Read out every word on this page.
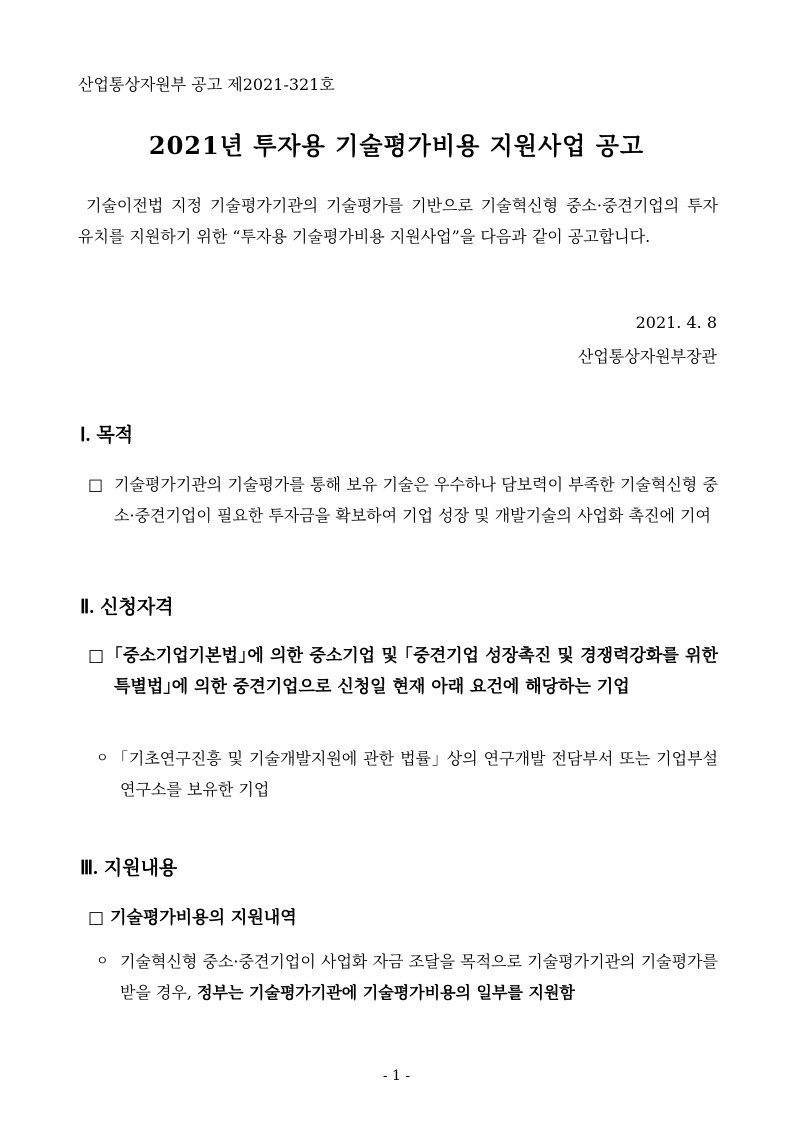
산업통상자원부 공고 제2021-321호
2021년 투자용 기술평가비용 지원사업 공고
기술이전법 지정 기술평가기관의 기술평가를 기반으로 기술혁신형 중소·중견기업의 투자 유치를 지원하기 위한 “투자용 기술평가비용 지원사업”을 다음과 같이 공고합니다.
2021. 4. 8
산업통상자원부장관
Ⅰ. 목적
□ 기술평가기관의 기술평가를 통해 보유 기술은 우수하나 담보력이 부족한 기술혁신형 중소·중견기업이 필요한 투자금을 확보하여 기업 성장 및 개발기술의 사업화 촉진에 기여
Ⅱ. 신청자격
□ ｢중소기업기본법｣에 의한 중소기업 및 ｢중견기업 성장촉진 및 경쟁력강화를 위한 특별법｣에 의한 중견기업으로 신청일 현재 아래 요건에 해당하는 기업
ㅇ ｢기초연구진흥 및 기술개발지원에 관한 법률｣ 상의 연구개발 전담부서 또는 기업부설연구소를 보유한 기업
Ⅲ. 지원내용
□ 기술평가비용의 지원내역
ㅇ 기술혁신형 중소·중견기업이 사업화 자금 조달을 목적으로 기술평가기관의 기술평가를 받을 경우, 정부는 기술평가기관에 기술평가비용의 일부를 지원함
- 1 -
